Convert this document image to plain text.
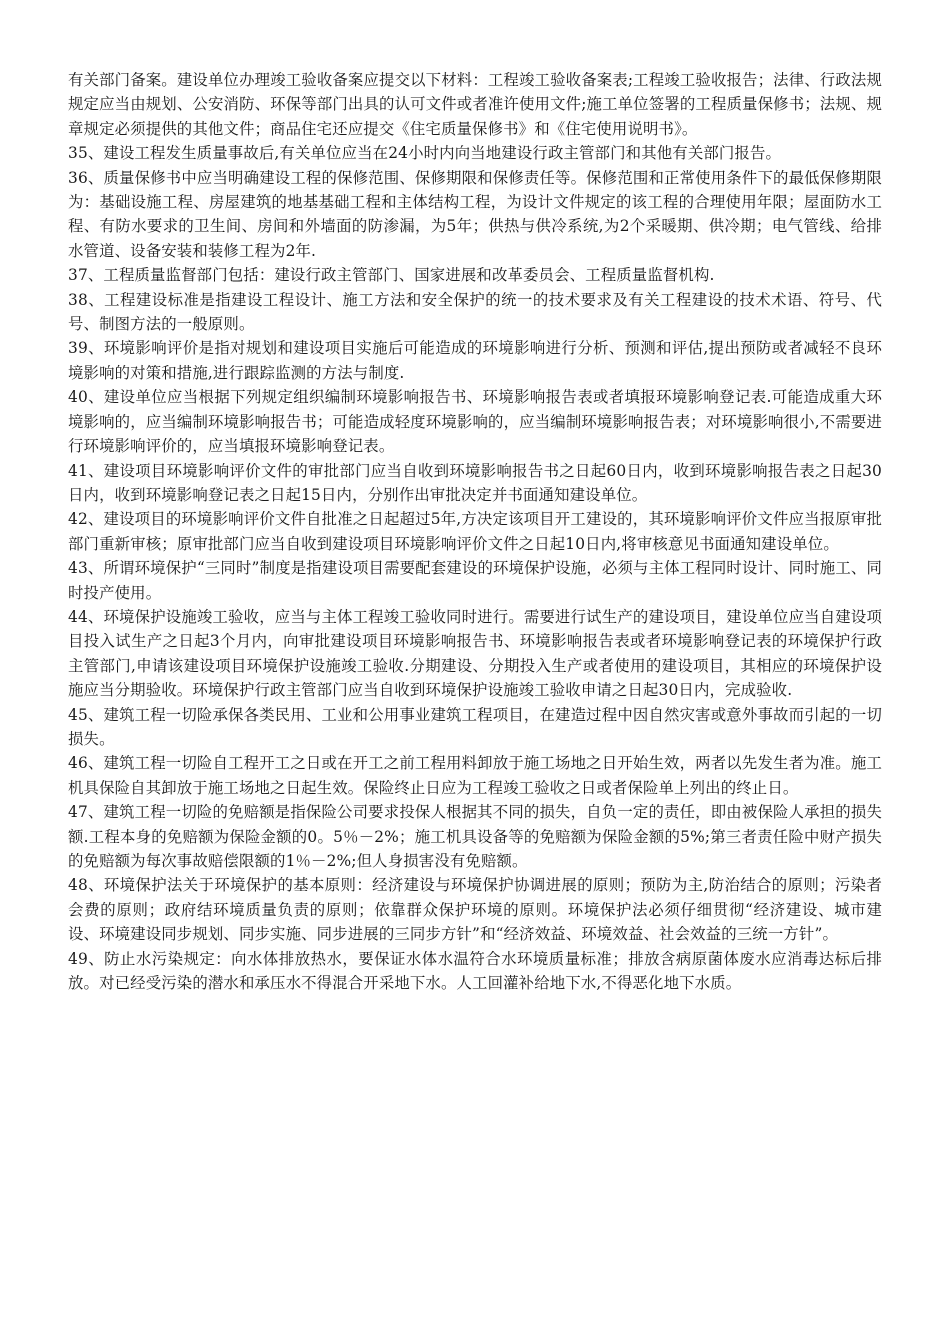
有关部门备案。建设单位办理竣工验收备案应提交以下材料：工程竣工验收备案表;工程竣工验收报告；法律、行政法规规定应当由规划、公安消防、环保等部门出具的认可文件或者准许使用文件;施工单位签署的工程质量保修书；法规、规章规定必须提供的其他文件；商品住宅还应提交《住宅质量保修书》和《住宅使用说明书》。

35、建设工程发生质量事故后,有关单位应当在24小时内向当地建设行政主管部门和其他有关部门报告。

36、质量保修书中应当明确建设工程的保修范围、保修期限和保修责任等。保修范围和正常使用条件下的最低保修期限为：基础设施工程、房屋建筑的地基基础工程和主体结构工程，为设计文件规定的该工程的合理使用年限；屋面防水工程、有防水要求的卫生间、房间和外墙面的防渗漏，为5年；供热与供冷系统,为2个采暖期、供冷期；电气管线、给排水管道、设备安装和装修工程为2年.

37、工程质量监督部门包括：建设行政主管部门、国家进展和改革委员会、工程质量监督机构.

38、工程建设标准是指建设工程设计、施工方法和安全保护的统一的技术要求及有关工程建设的技术术语、符号、代号、制图方法的一般原则。

39、环境影响评价是指对规划和建设项目实施后可能造成的环境影响进行分析、预测和评估,提出预防或者减轻不良环境影响的对策和措施,进行跟踪监测的方法与制度.

40、建设单位应当根据下列规定组织编制环境影响报告书、环境影响报告表或者填报环境影响登记表.可能造成重大环境影响的，应当编制环境影响报告书；可能造成轻度环境影响的，应当编制环境影响报告表；对环境影响很小,不需要进行环境影响评价的，应当填报环境影响登记表。

41、建设项目环境影响评价文件的审批部门应当自收到环境影响报告书之日起60日内，收到环境影响报告表之日起30日内，收到环境影响登记表之日起15日内，分别作出审批决定并书面通知建设单位。

42、建设项目的环境影响评价文件自批准之日起超过5年,方决定该项目开工建设的，其环境影响评价文件应当报原审批部门重新审核；原审批部门应当自收到建设项目环境影响评价文件之日起10日内,将审核意见书面通知建设单位。

43、所谓环境保护“三同时”制度是指建设项目需要配套建设的环境保护设施，必须与主体工程同时设计、同时施工、同时投产使用。

44、环境保护设施竣工验收，应当与主体工程竣工验收同时进行。需要进行试生产的建设项目，建设单位应当自建设项目投入试生产之日起3个月内，向审批建设项目环境影响报告书、环境影响报告表或者环境影响登记表的环境保护行政主管部门,申请该建设项目环境保护设施竣工验收.分期建设、分期投入生产或者使用的建设项目，其相应的环境保护设施应当分期验收。环境保护行政主管部门应当自收到环境保护设施竣工验收申请之日起30日内，完成验收.

45、建筑工程一切险承保各类民用、工业和公用事业建筑工程项目，在建造过程中因自然灾害或意外事故而引起的一切损失。

46、建筑工程一切险自工程开工之日或在开工之前工程用料卸放于施工场地之日开始生效，两者以先发生者为准。施工机具保险自其卸放于施工场地之日起生效。保险终止日应为工程竣工验收之日或者保险单上列出的终止日。

47、建筑工程一切险的免赔额是指保险公司要求投保人根据其不同的损失，自负一定的责任，即由被保险人承担的损失额.工程本身的免赔额为保险金额的0。5％－2%；施工机具设备等的免赔额为保险金额的5%;第三者责任险中财产损失的免赔额为每次事故赔偿限额的1％－2%;但人身损害没有免赔额。

48、环境保护法关于环境保护的基本原则：经济建设与环境保护协调进展的原则；预防为主,防治结合的原则；污染者会费的原则；政府结环境质量负责的原则；依靠群众保护环境的原则。环境保护法必须仔细贯彻“经济建设、城市建设、环境建设同步规划、同步实施、同步进展的三同步方针”和“经济效益、环境效益、社会效益的三统一方针”。

49、防止水污染规定：向水体排放热水，要保证水体水温符合水环境质量标准；排放含病原菌体废水应消毒达标后排放。对已经受污染的潜水和承压水不得混合开采地下水。人工回灌补给地下水,不得恶化地下水质。
